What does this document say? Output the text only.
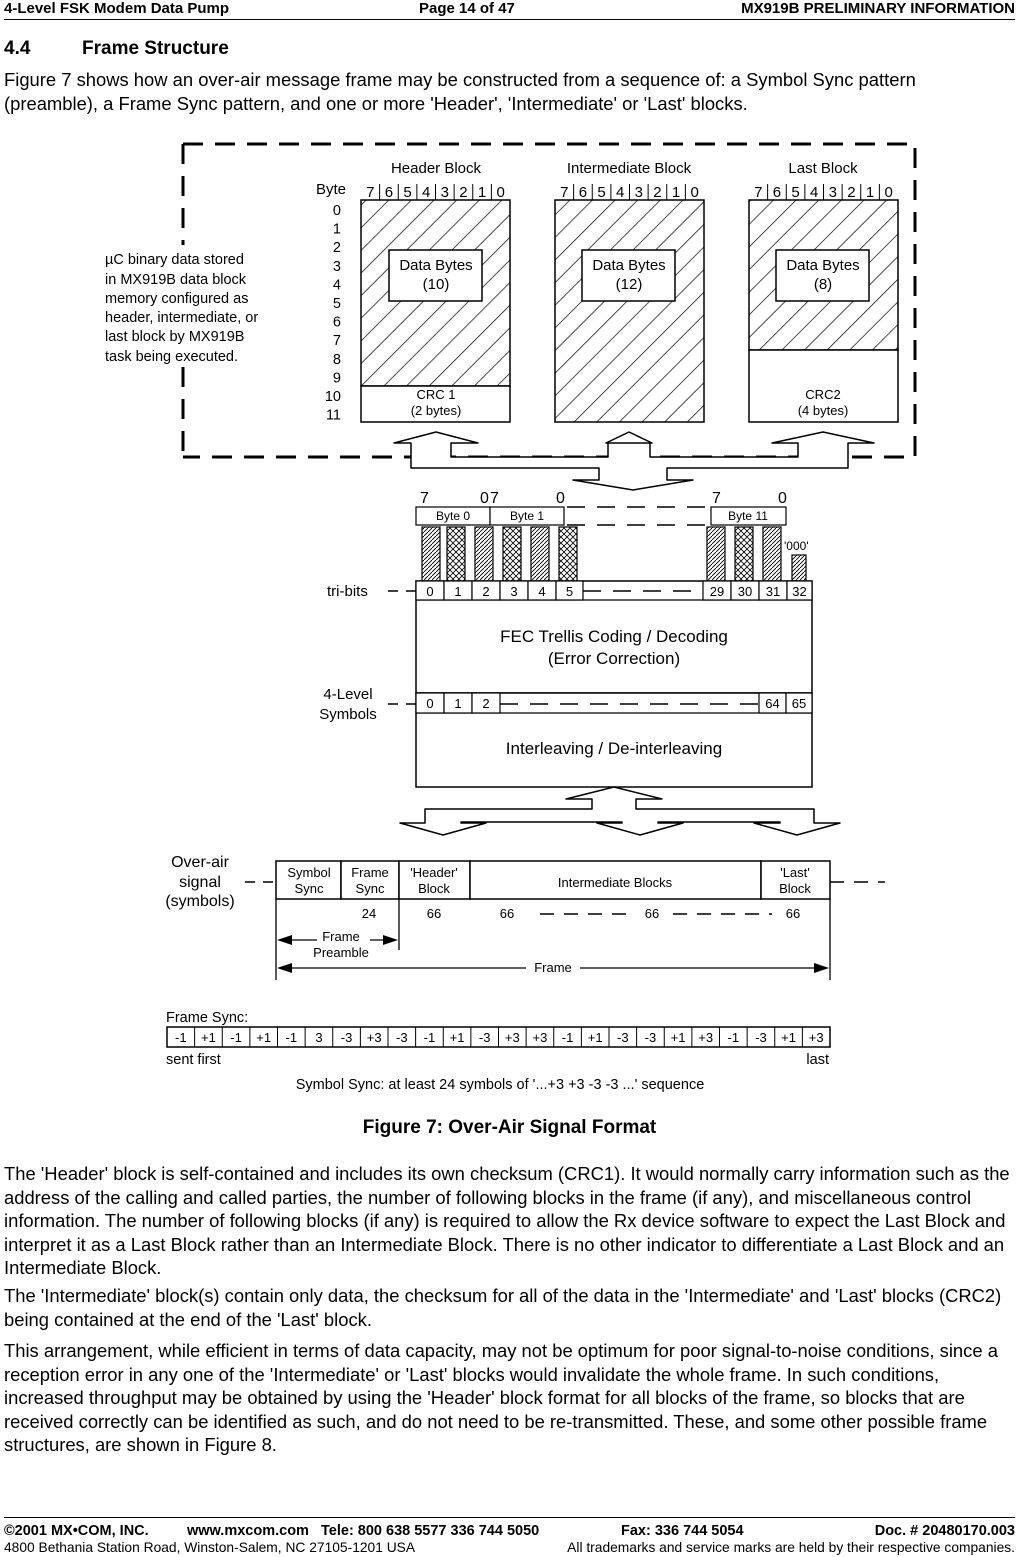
4-Level FSK Modem Data Pump	Page 14 of 47	MX919B PRELIMINARY INFORMATION
4.4	Frame Structure

Figure 7 shows how an over-air message frame may be constructed from a sequence of: a Symbol Sync pattern (preamble), a Frame Sync pattern, and one or more 'Header', 'Intermediate' or 'Last' blocks.

µC binary data stored
in MX919B data block
memory configured as
header, intermediate, or
last block by MX919B
task being executed.
Byte
0
1
2
3
4
5
6
7
8
9
10
11
Header Block
Data Bytes
(10)
CRC 1
(2 bytes)
Intermediate Block
Data Bytes
(12)
Last Block
Data Bytes
(8)
CRC2
(4 bytes)
7 6 5 4 3 2 1 0	7 6 5 4 3 2 1 0	7 6 5 4 3 2 1 0
7	0 7	0	7	0
Byte 0	Byte 1	Byte 11
'000'
tri-bits	0 1 2 3 4 5	29 30 31 32
FEC Trellis Coding / Decoding
(Error Correction)
4-Level
Symbols
0 1 2	64 65
Interleaving / De-interleaving
Over-air
signal
(symbols)
Symbol
Sync
Frame
Sync
'Header'
Block	Intermediate Blocks
'Last'
Block
24	66	66	66	66
Frame
Preamble
Frame
Frame Sync:
-1 +1 -1 +1 -1 3 -3 +3 -3 -1 +1 -3 +3 +3 -1 +1 -3 -3 +1 +3 -1 -3 +1 +3
sent first	last
Symbol Sync: at least 24 symbols of '...+3 +3 -3 -3 ...' sequence
Figure 7: Over-Air Signal Format

The 'Header' block is self-contained and includes its own checksum (CRC1). It would normally carry information such as the address of the calling and called parties, the number of following blocks in the frame (if any), and miscellaneous control information. The number of following blocks (if any) is required to allow the Rx device software to expect the Last Block and interpret it as a Last Block rather than an Intermediate Block. There is no other indicator to differentiate a Last Block and an Intermediate Block.

The 'Intermediate' block(s) contain only data, the checksum for all of the data in the 'Intermediate' and 'Last' blocks (CRC2) being contained at the end of the 'Last' block.

This arrangement, while efficient in terms of data capacity, may not be optimum for poor signal-to-noise conditions, since a reception error in any one of the 'Intermediate' or 'Last' blocks would invalidate the whole frame. In such conditions, increased throughput may be obtained by using the 'Header' block format for all blocks of the frame, so blocks that are received correctly can be identified as such, and do not need to be re-transmitted. These, and some other possible frame structures, are shown in Figure 8.

©2001 MX•COM, INC.	www.mxcom.com Tele: 800 638 5577 336 744 5050	Fax: 336 744 5054	Doc. # 20480170.003
4800 Bethania Station Road, Winston-Salem, NC 27105-1201 USA	All trademarks and service marks are held by their respective companies.
